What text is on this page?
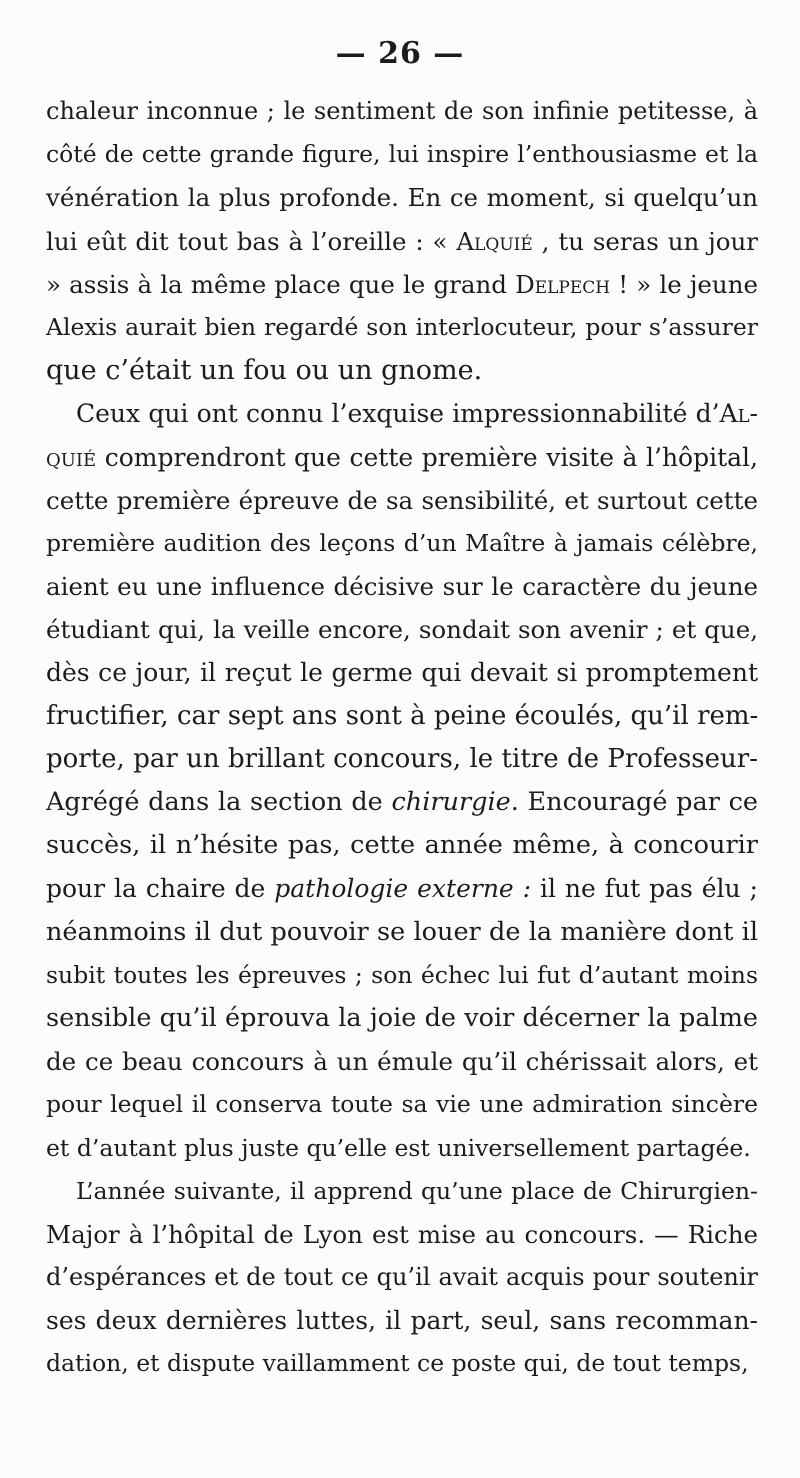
— 26 —
chaleur inconnue ; le sentiment de son infinie petitesse, à
côté de cette grande figure, lui inspire l’enthousiasme et la
vénération la plus profonde. En ce moment, si quelqu’un
lui eût dit tout bas à l’oreille : « Alquié , tu seras un jour
» assis à la même place que le grand Delpech ! » le jeune
Alexis aurait bien regardé son interlocuteur, pour s’assurer
que c’était un fou ou un gnome.
Ceux qui ont connu l’exquise impressionnabilité d’Al-
quié comprendront que cette première visite à l’hôpital,
cette première épreuve de sa sensibilité, et surtout cette
première audition des leçons d’un Maître à jamais célèbre,
aient eu une influence décisive sur le caractère du jeune
étudiant qui, la veille encore, sondait son avenir ; et que,
dès ce jour, il reçut le germe qui devait si promptement
fructifier, car sept ans sont à peine écoulés, qu’il rem-
porte, par un brillant concours, le titre de Professeur-
Agrégé dans la section de chirurgie. Encouragé par ce
succès, il n’hésite pas, cette année même, à concourir
pour la chaire de pathologie externe : il ne fut pas élu ;
néanmoins il dut pouvoir se louer de la manière dont il
subit toutes les épreuves ; son échec lui fut d’autant moins
sensible qu’il éprouva la joie de voir décerner la palme
de ce beau concours à un émule qu’il chérissait alors, et
pour lequel il conserva toute sa vie une admiration sincère
et d’autant plus juste qu’elle est universellement partagée.
L’année suivante, il apprend qu’une place de Chirurgien-
Major à l’hôpital de Lyon est mise au concours. — Riche
d’espérances et de tout ce qu’il avait acquis pour soutenir
ses deux dernières luttes, il part, seul, sans recomman-
dation, et dispute vaillamment ce poste qui, de tout temps,
